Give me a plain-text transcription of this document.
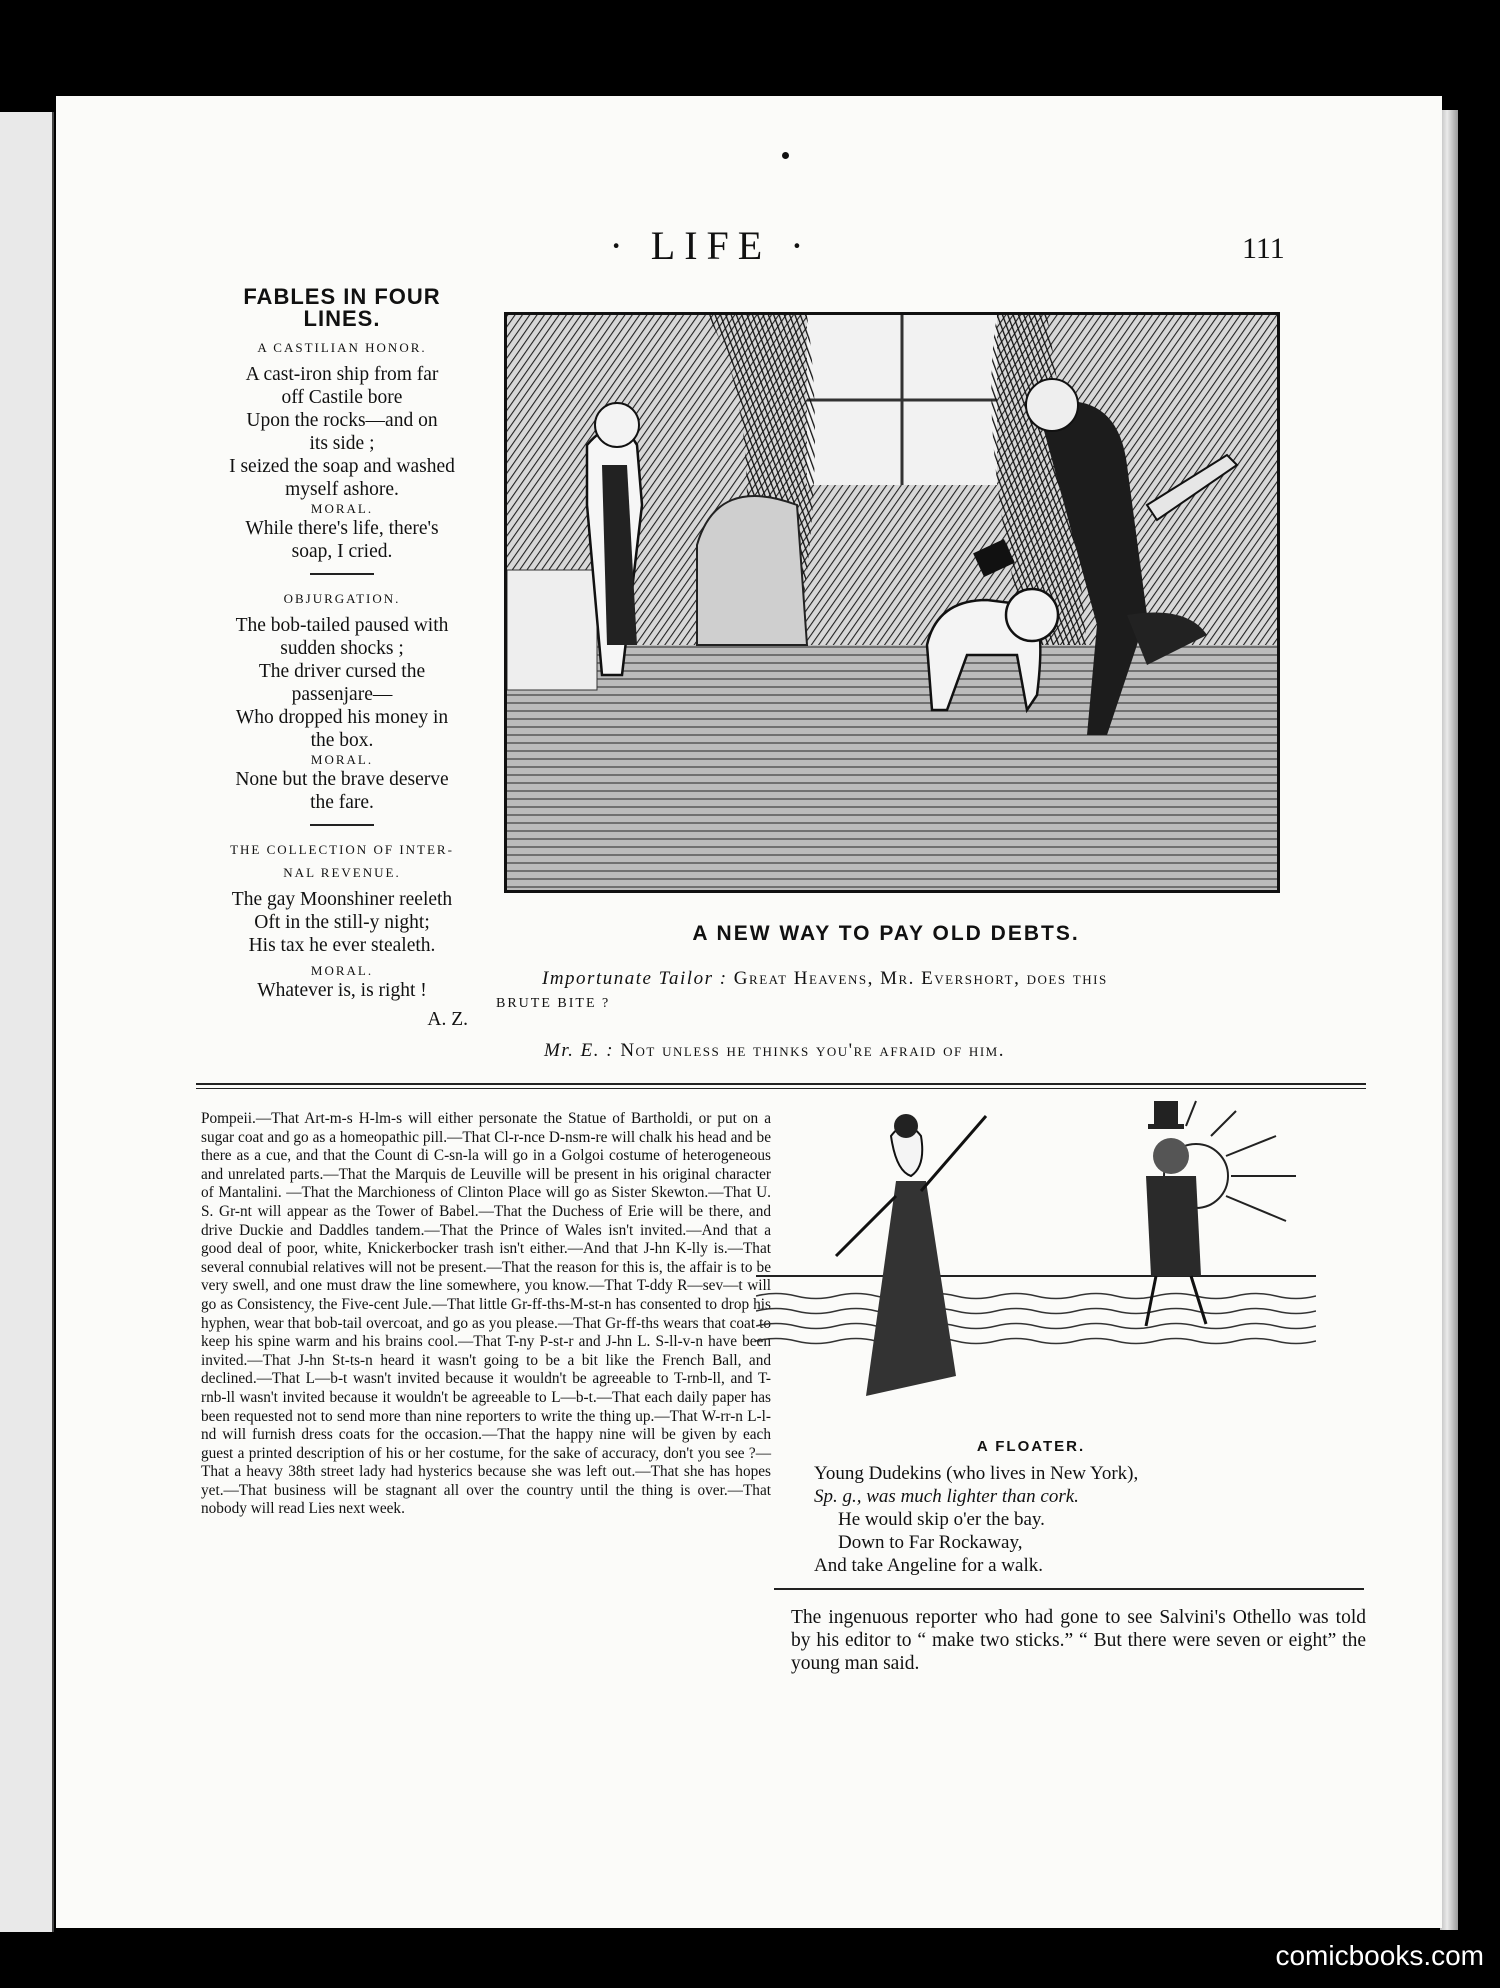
· LIFE ·	111
FABLES IN FOUR
LINES.
A CASTILIAN HONOR.

A cast-iron ship from far

off Castile bore

Upon the rocks—and on

its side ;

I seized the soap and washed

myself ashore.

MORAL.

While there's life, there's

soap, I cried.

OBJURGATION.

The bob-tailed paused with

sudden shocks ;

The driver cursed the

passenjare—

Who dropped his money in

the box.

MORAL.

None but the brave deserve

the fare.

THE COLLECTION OF INTER-
NAL REVENUE.

The gay Moonshiner reeleth

Oft in the still-y night;

His tax he ever stealeth.

MORAL.

Whatever is, is right !

A. Z.

A NEW WAY TO PAY OLD DEBTS.
Importunate Tailor : Great Heavens, Mr. Evershort, does this
BRUTE BITE ?
Mr. E. : Not unless he thinks you're afraid of him.

Pompeii.—That Art-m-s H-lm-s will either personate the Statue of Bartholdi, or put on a sugar coat and go as a homeopathic pill.—That Cl-r-nce D-nsm-re will chalk his head and be there as a cue, and that the Count di C-sn-la will go in a Golgoi costume of heterogeneous and unrelated parts.—That the Marquis de Leuville will be present in his original character of Mantalini. —That the Marchioness of Clinton Place will go as Sister Skewton.—That U. S. Gr-nt will appear as the Tower of Babel.—That the Duchess of Erie will be there, and drive Duckie and Daddles tandem.—That the Prince of Wales isn't invited.—And that a good deal of poor, white, Knickerbocker trash isn't either.—And that J-hn K-lly is.—That several connubial relatives will not be present.—That the reason for this is, the affair is to be very swell, and one must draw the line somewhere, you know.—That T-ddy R—sev—t will go as Consistency, the Five-cent Jule.—That little Gr-ff-ths-M-st-n has consented to drop his hyphen, wear that bob-tail overcoat, and go as you please.—That Gr-ff-ths wears that coat to keep his spine warm and his brains cool.—That T-ny P-st-r and J-hn L. S-ll-v-n have been invited.—That J-hn St-ts-n heard it wasn't going to be a bit like the French Ball, and declined.—That L—b-t wasn't invited because it wouldn't be agreeable to T-rnb-ll, and T-rnb-ll wasn't invited because it wouldn't be agreeable to L—b-t.—That each daily paper has been requested not to send more than nine reporters to write the thing up.—That W-rr-n L-l-nd will furnish dress coats for the occasion.—That the happy nine will be given by each guest a printed description of his or her costume, for the sake of accuracy, don't you see ?—That a heavy 38th street lady had hysterics because she was left out.—That she has hopes yet.—That business will be stagnant all over the country until the thing is over.—That nobody will read Lies next week.

A FLOATER.

Young Dudekins (who lives in New York),

Sp. g., was much lighter than cork.

He would skip o'er the bay.

Down to Far Rockaway,

And take Angeline for a walk.

The ingenuous reporter who had gone to see Salvini's Othello was told by his editor to “ make two sticks.” “ But there were seven or eight” the young man said.

comicbooks.com
